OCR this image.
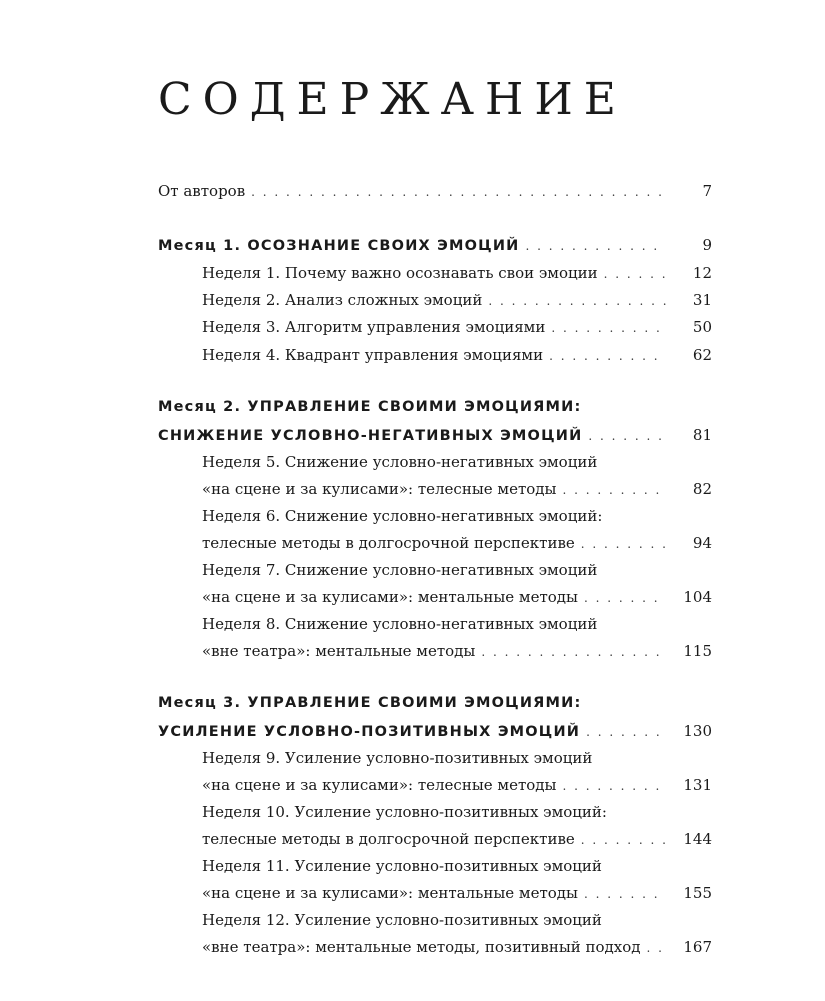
СОДЕРЖАНИЕ
От авторов . . .	7
Месяц 1. ОСОЗНАНИЕ СВОИХ ЭМОЦИЙ . . .	9
Неделя 1. Почему важно осознавать свои эмоции . . .	12
Неделя 2. Анализ сложных эмоций . . .	31
Неделя 3. Алгоритм управления эмоциями . . .	50
Неделя 4. Квадрант управления эмоциями . . .	62
Месяц 2. УПРАВЛЕНИЕ СВОИМИ ЭМОЦИЯМИ:
СНИЖЕНИЕ УСЛОВНО-НЕГАТИВНЫХ ЭМОЦИЙ . . .	81
Неделя 5. Снижение условно-негативных эмоций
«на сцене и за кулисами»: телесные методы . . .	82
Неделя 6. Снижение условно-негативных эмоций:
телесные методы в долгосрочной перспективе . . .	94
Неделя 7. Снижение условно-негативных эмоций
«на сцене и за кулисами»: ментальные методы . . .	104
Неделя 8. Снижение условно-негативных эмоций
«вне театра»: ментальные методы . . .	115
Месяц 3. УПРАВЛЕНИЕ СВОИМИ ЭМОЦИЯМИ:
УСИЛЕНИЕ УСЛОВНО-ПОЗИТИВНЫХ ЭМОЦИЙ . . .	130
Неделя 9. Усиление условно-позитивных эмоций
«на сцене и за кулисами»: телесные методы . . .	131
Неделя 10. Усиление условно-позитивных эмоций:
телесные методы в долгосрочной перспективе . . .	144
Неделя 11. Усиление условно-позитивных эмоций
«на сцене и за кулисами»: ментальные методы . . .	155
Неделя 12. Усиление условно-позитивных эмоций
«вне театра»: ментальные методы, позитивный подход . . .	167
